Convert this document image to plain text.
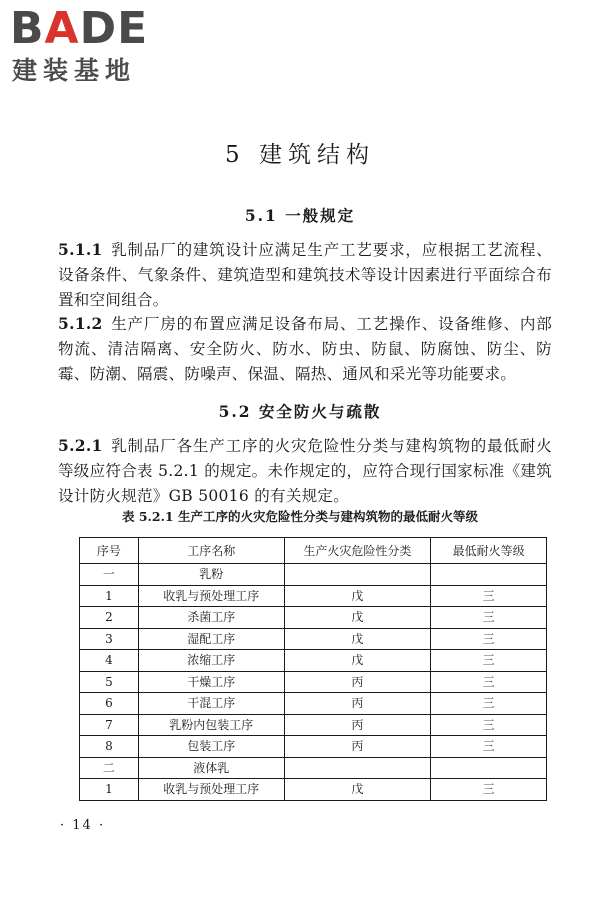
BADE
建装基地
5 建筑结构
5.1 一般规定
5.1.1 乳制品厂的建筑设计应满足生产工艺要求，应根据工艺流程、设备条件、气象条件、建筑造型和建筑技术等设计因素进行平面综合布置和空间组合。
5.1.2 生产厂房的布置应满足设备布局、工艺操作、设备维修、内部物流、清洁隔离、安全防火、防水、防虫、防鼠、防腐蚀、防尘、防霉、防潮、隔震、防噪声、保温、隔热、通风和采光等功能要求。
5.2 安全防火与疏散
5.2.1 乳制品厂各生产工序的火灾危险性分类与建构筑物的最低耐火等级应符合表 5.2.1 的规定。未作规定的，应符合现行国家标准《建筑设计防火规范》GB 50016 的有关规定。
表 5.2.1 生产工序的火灾危险性分类与建构筑物的最低耐火等级
序号	工序名称	生产火灾危险性分类	最低耐火等级
一	乳粉		
1	收乳与预处理工序	戊	三
2	杀菌工序	戊	三
3	湿配工序	戊	三
4	浓缩工序	戊	三
5	干燥工序	丙	三
6	干混工序	丙	三
7	乳粉内包装工序	丙	三
8	包装工序	丙	三
二	液体乳		
1	收乳与预处理工序	戊	三
· 14 ·
